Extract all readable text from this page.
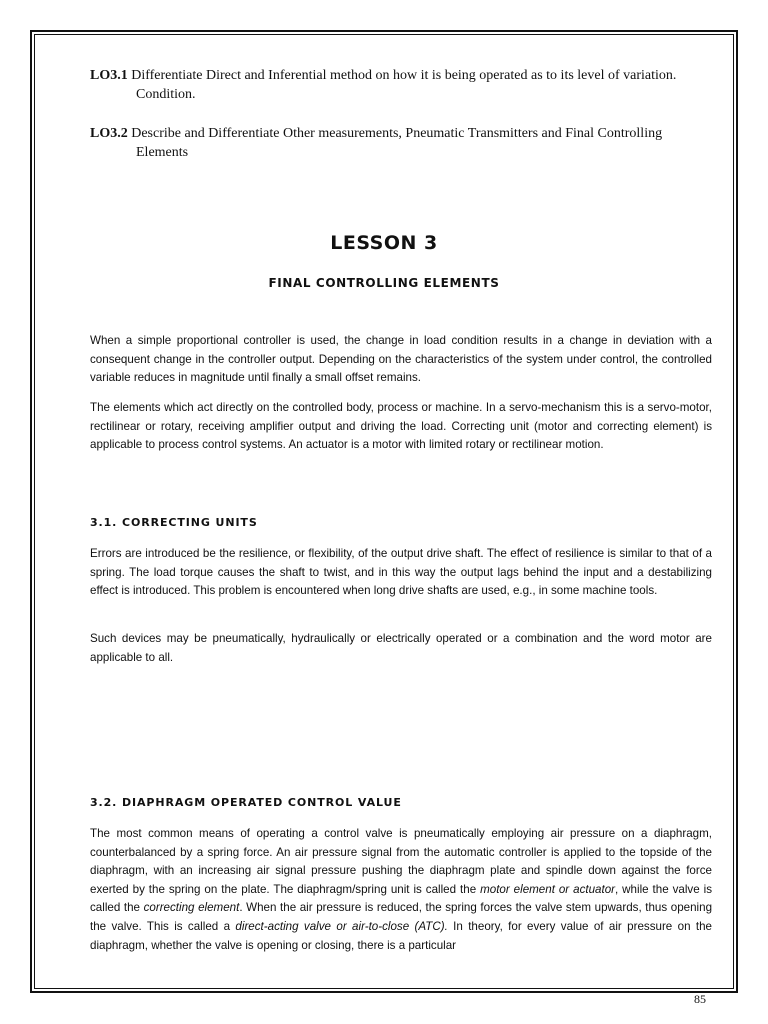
LO3.1 Differentiate Direct and Inferential method on how it is being operated as to its level of variation.
Condition.
LO3.2 Describe and Differentiate Other measurements, Pneumatic Transmitters and Final Controlling
Elements
LESSON 3
FINAL CONTROLLING ELEMENTS

When a simple proportional controller is used, the change in load condition results in a change in deviation with a consequent change in the controller output. Depending on the characteristics of the system under control, the controlled variable reduces in magnitude until finally a small offset remains.

The elements which act directly on the controlled body, process or machine. In a servo-mechanism this is a servo-motor, rectilinear or rotary, receiving amplifier output and driving the load. Correcting unit (motor and correcting element) is applicable to process control systems. An actuator is a motor with limited rotary or rectilinear motion.

3.1. CORRECTING UNITS

Errors are introduced be the resilience, or flexibility, of the output drive shaft. The effect of resilience is similar to that of a spring. The load torque causes the shaft to twist, and in this way the output lags behind the input and a destabilizing effect is introduced. This problem is encountered when long drive shafts are used, e.g., in some machine tools.

Such devices may be pneumatically, hydraulically or electrically operated or a combination and the word motor are applicable to all.

3.2. DIAPHRAGM OPERATED CONTROL VALUE

The most common means of operating a control valve is pneumatically employing air pressure on a diaphragm, counterbalanced by a spring force. An air pressure signal from the automatic controller is applied to the topside of the diaphragm, with an increasing air signal pressure pushing the diaphragm plate and spindle down against the force exerted by the spring on the plate. The diaphragm/spring unit is called the motor element or actuator, while the valve is called the correcting element. When the air pressure is reduced, the spring forces the valve stem upwards, thus opening the valve. This is called a direct-acting valve or air-to-close (ATC). In theory, for every value of air pressure on the diaphragm, whether the valve is opening or closing, there is a particular

85
